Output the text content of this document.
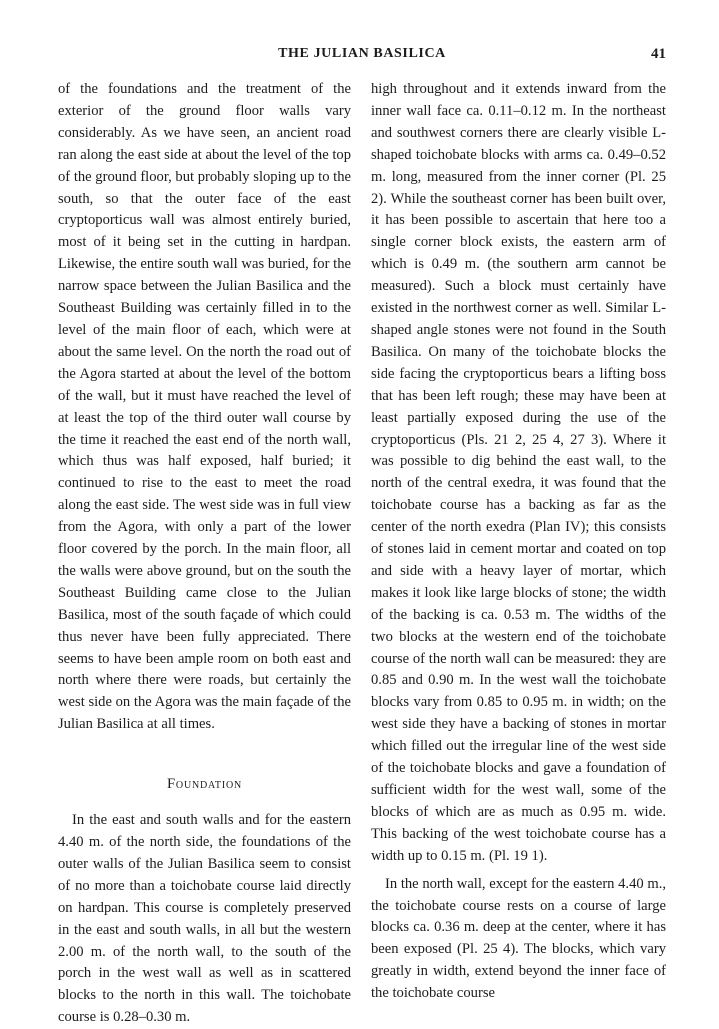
THE JULIAN BASILICA	41

of the foundations and the treatment of the exterior of the ground floor walls vary considerably. As we have seen, an ancient road ran along the east side at about the level of the top of the ground floor, but probably sloping up to the south, so that the outer face of the east cryptoporticus wall was almost entirely buried, most of it being set in the cutting in hardpan. Likewise, the entire south wall was buried, for the narrow space between the Julian Basilica and the Southeast Building was certainly filled in to the level of the main floor of each, which were at about the same level. On the north the road out of the Agora started at about the level of the bottom of the wall, but it must have reached the level of at least the top of the third outer wall course by the time it reached the east end of the north wall, which thus was half exposed, half buried; it continued to rise to the east to meet the road along the east side. The west side was in full view from the Agora, with only a part of the lower floor covered by the porch. In the main floor, all the walls were above ground, but on the south the Southeast Building came close to the Julian Basilica, most of the south façade of which could thus never have been fully appreciated. There seems to have been ample room on both east and north where there were roads, but certainly the west side on the Agora was the main façade of the Julian Basilica at all times.

Foundation

In the east and south walls and for the eastern 4.40 m. of the north side, the foundations of the outer walls of the Julian Basilica seem to consist of no more than a toichobate course laid directly on hardpan. This course is completely preserved in the east and south walls, in all but the western 2.00 m. of the north wall, to the south of the porch in the west wall as well as in scattered blocks to the north in this wall. The toichobate course is 0.28–0.30 m.

high throughout and it extends inward from the inner wall face ca. 0.11–0.12 m. In the northeast and southwest corners there are clearly visible L-shaped toichobate blocks with arms ca. 0.49–0.52 m. long, measured from the inner corner (Pl. 25 2). While the southeast corner has been built over, it has been possible to ascertain that here too a single corner block exists, the eastern arm of which is 0.49 m. (the southern arm cannot be measured). Such a block must certainly have existed in the northwest corner as well. Similar L-shaped angle stones were not found in the South Basilica. On many of the toichobate blocks the side facing the cryptoporticus bears a lifting boss that has been left rough; these may have been at least partially exposed during the use of the cryptoporticus (Pls. 21 2, 25 4, 27 3). Where it was possible to dig behind the east wall, to the north of the central exedra, it was found that the toichobate course has a backing as far as the center of the north exedra (Plan IV); this consists of stones laid in cement mortar and coated on top and side with a heavy layer of mortar, which makes it look like large blocks of stone; the width of the backing is ca. 0.53 m. The widths of the two blocks at the western end of the toichobate course of the north wall can be measured: they are 0.85 and 0.90 m. In the west wall the toichobate blocks vary from 0.85 to 0.95 m. in width; on the west side they have a backing of stones in mortar which filled out the irregular line of the west side of the toichobate blocks and gave a foundation of sufficient width for the west wall, some of the blocks of which are as much as 0.95 m. wide. This backing of the west toichobate course has a width up to 0.15 m. (Pl. 19 1).

In the north wall, except for the eastern 4.40 m., the toichobate course rests on a course of large blocks ca. 0.36 m. deep at the center, where it has been exposed (Pl. 25 4). The blocks, which vary greatly in width, extend beyond the inner face of the toichobate course
